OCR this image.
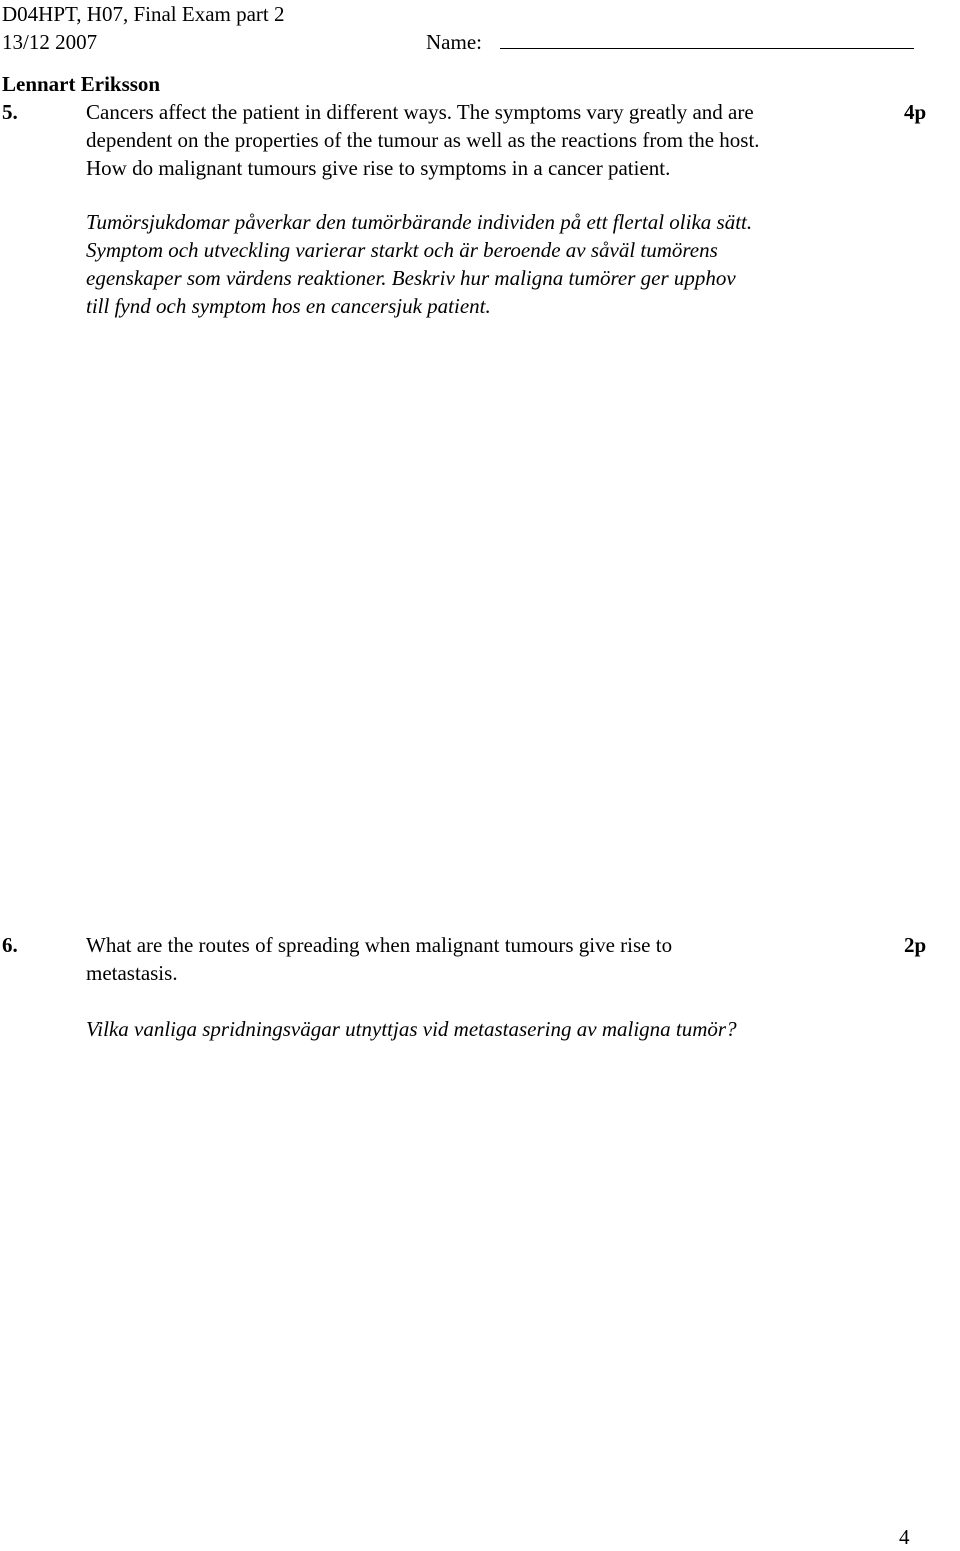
D04HPT, H07, Final Exam part 2
13/12 2007	Name:
Lennart Eriksson
5.	Cancers affect the patient in different ways. The symptoms vary greatly and are
dependent on the properties of the tumour as well as the reactions from the host.
How do malignant tumours give rise to symptoms in a cancer patient.
4p
Tumörsjukdomar påverkar den tumörbärande individen på ett flertal olika sätt.
Symptom och utveckling varierar starkt och är beroende av såväl tumörens
egenskaper som värdens reaktioner. Beskriv hur maligna tumörer ger upphov
till fynd och symptom hos en cancersjuk patient.
6.	What are the routes of spreading when malignant tumours give rise to
metastasis.
2p
Vilka vanliga spridningsvägar utnyttjas vid metastasering av maligna tumör?
4
